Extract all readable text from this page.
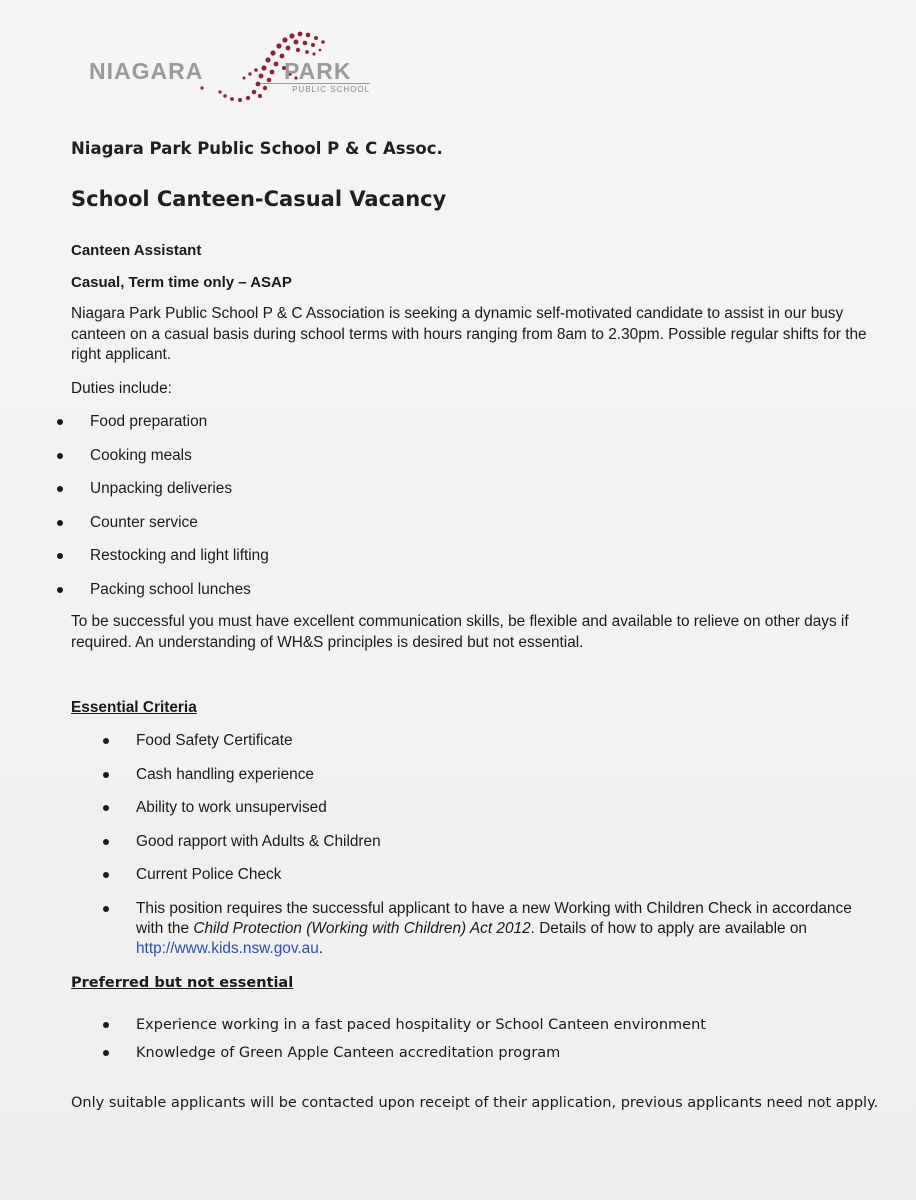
NIAGARA	PARK
PUBLIC SCHOOL
Niagara Park Public School P & C Assoc.
School Canteen-Casual Vacancy
Canteen Assistant
Casual, Term time only – ASAP
Niagara Park Public School P & C Association is seeking a dynamic self-motivated candidate to assist in our busy canteen on a casual basis during school terms with hours ranging from 8am to 2.30pm. Possible regular shifts for the right applicant.
Duties include:
Food preparation
Cooking meals
Unpacking deliveries
Counter service
Restocking and light lifting
Packing school lunches
To be successful you must have excellent communication skills, be flexible and available to relieve on other days if required. An understanding of WH&S principles is desired but not essential.
Essential Criteria
Food Safety Certificate
Cash handling experience
Ability to work unsupervised
Good rapport with Adults & Children
Current Police Check
This position requires the successful applicant to have a new Working with Children Check in accordance with the Child Protection (Working with Children) Act 2012. Details of how to apply are available on http://www.kids.nsw.gov.au.
Preferred but not essential
Experience working in a fast paced hospitality or School Canteen environment
Knowledge of Green Apple Canteen accreditation program
Only suitable applicants will be contacted upon receipt of their application, previous applicants need not apply.
